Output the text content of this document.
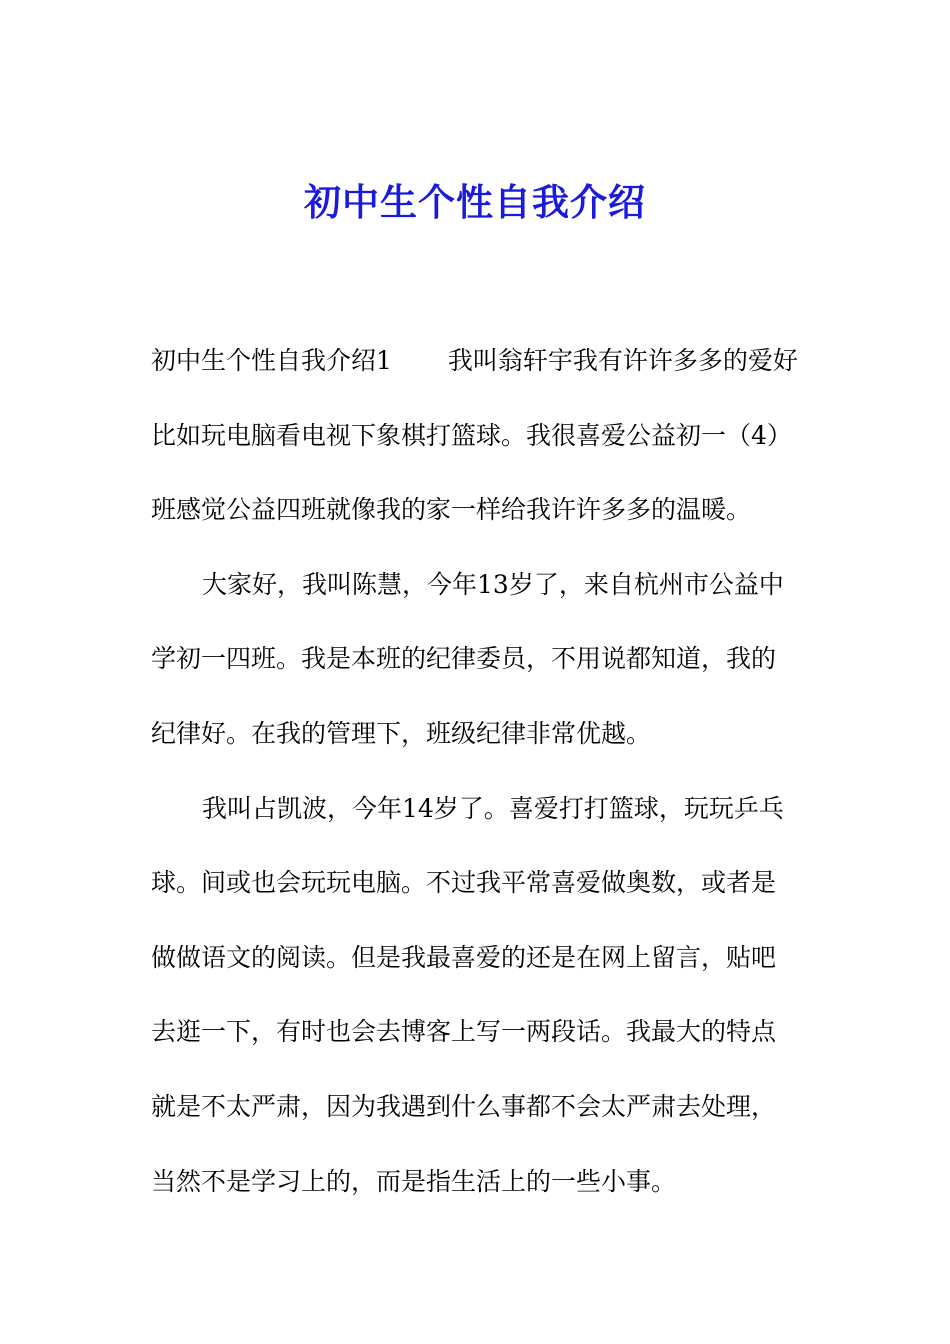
初中生个性自我介绍

初中生个性自我介绍1 我叫翁轩宇我有许许多多的爱好
比如玩电脑看电视下象棋打篮球。我很喜爱公益初一（4）
班感觉公益四班就像我的家一样给我许许多多的温暖。

大家好，我叫陈慧，今年13岁了，来自杭州市公益中
学初一四班。我是本班的纪律委员，不用说都知道，我的
纪律好。在我的管理下，班级纪律非常优越。

我叫占凯波，今年14岁了。喜爱打打篮球，玩玩乒乓
球。间或也会玩玩电脑。不过我平常喜爱做奥数，或者是
做做语文的阅读。但是我最喜爱的还是在网上留言，贴吧
去逛一下，有时也会去博客上写一两段话。我最大的特点
就是不太严肃，因为我遇到什么事都不会太严肃去处理，
当然不是学习上的，而是指生活上的一些小事。
